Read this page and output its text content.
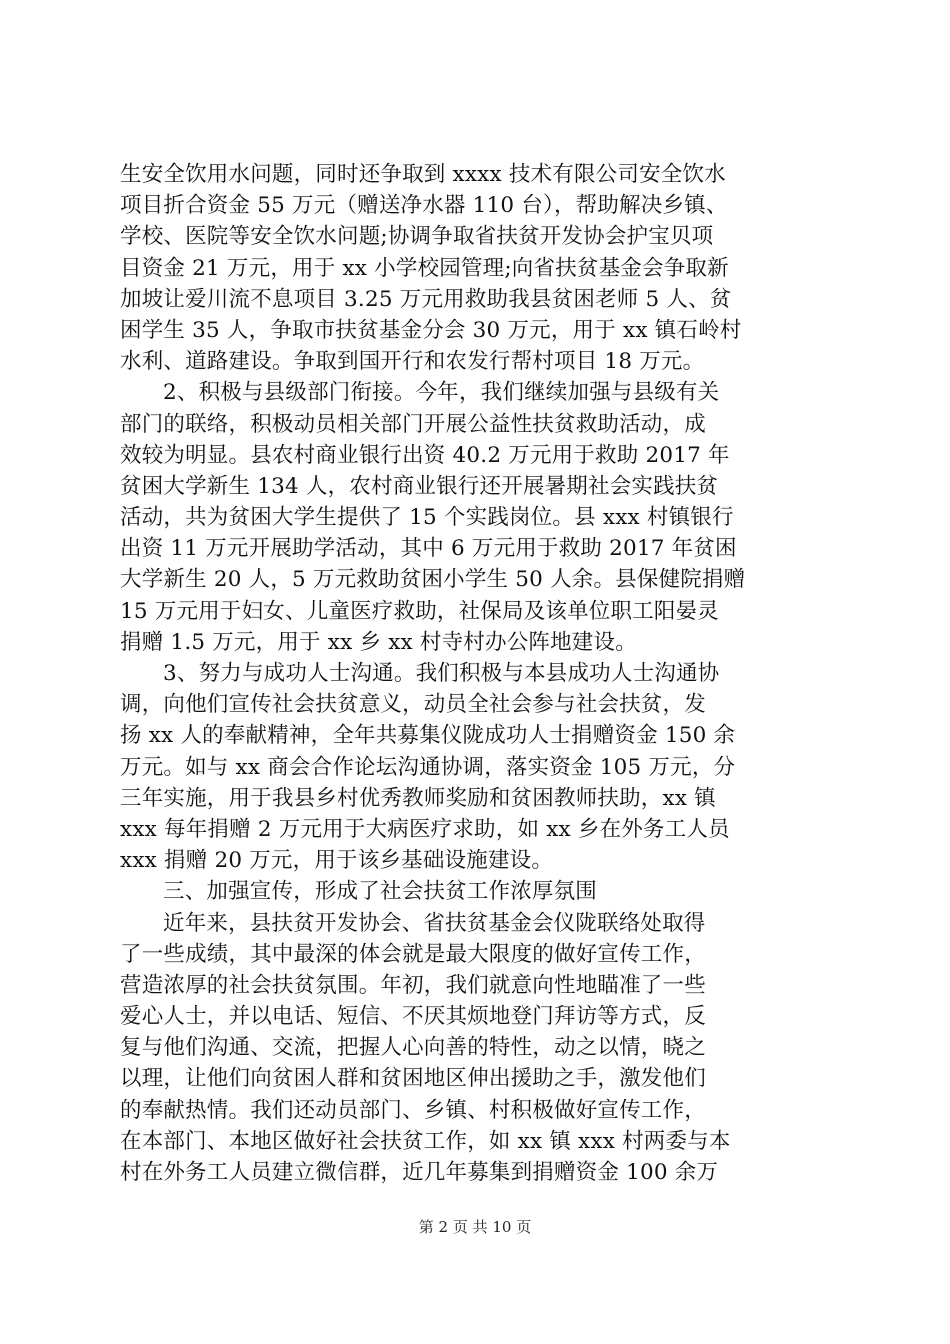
生安全饮用水问题，同时还争取到 xxxx 技术有限公司安全饮水
项目折合资金 55 万元（赠送净水器 110 台），帮助解决乡镇、
学校、医院等安全饮水问题;协调争取省扶贫开发协会护宝贝项
目资金 21 万元，用于 xx 小学校园管理;向省扶贫基金会争取新
加坡让爱川流不息项目 3.25 万元用救助我县贫困老师 5 人、贫
困学生 35 人，争取市扶贫基金分会 30 万元，用于 xx 镇石岭村
水利、道路建设。争取到国开行和农发行帮村项目 18 万元。
2、积极与县级部门衔接。今年，我们继续加强与县级有关
部门的联络，积极动员相关部门开展公益性扶贫救助活动，成
效较为明显。县农村商业银行出资 40.2 万元用于救助 2017 年
贫困大学新生 134 人，农村商业银行还开展暑期社会实践扶贫
活动，共为贫困大学生提供了 15 个实践岗位。县 xxx 村镇银行
出资 11 万元开展助学活动，其中 6 万元用于救助 2017 年贫困
大学新生 20 人，5 万元救助贫困小学生 50 人余。县保健院捐赠
15 万元用于妇女、儿童医疗救助，社保局及该单位职工阳晏灵
捐赠 1.5 万元，用于 xx 乡 xx 村寺村办公阵地建设。
3、努力与成功人士沟通。我们积极与本县成功人士沟通协
调，向他们宣传社会扶贫意义，动员全社会参与社会扶贫，发
扬 xx 人的奉献精神，全年共募集仪陇成功人士捐赠资金 150 余
万元。如与 xx 商会合作论坛沟通协调，落实资金 105 万元，分
三年实施，用于我县乡村优秀教师奖励和贫困教师扶助，xx 镇
xxx 每年捐赠 2 万元用于大病医疗求助，如 xx 乡在外务工人员
xxx 捐赠 20 万元，用于该乡基础设施建设。
三、加强宣传，形成了社会扶贫工作浓厚氛围
近年来，县扶贫开发协会、省扶贫基金会仪陇联络处取得
了一些成绩，其中最深的体会就是最大限度的做好宣传工作，
营造浓厚的社会扶贫氛围。年初，我们就意向性地瞄准了一些
爱心人士，并以电话、短信、不厌其烦地登门拜访等方式，反
复与他们沟通、交流，把握人心向善的特性，动之以情，晓之
以理，让他们向贫困人群和贫困地区伸出援助之手，激发他们
的奉献热情。我们还动员部门、乡镇、村积极做好宣传工作，
在本部门、本地区做好社会扶贫工作，如 xx 镇 xxx 村两委与本
村在外务工人员建立微信群，近几年募集到捐赠资金 100 余万
第 2 页 共 10 页
